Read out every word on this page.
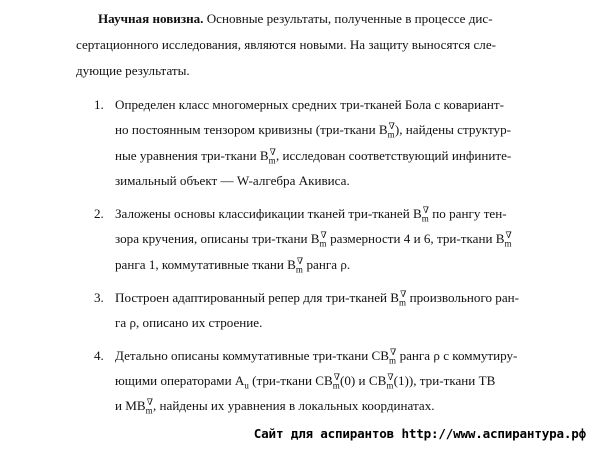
Научная новизна. Основные результаты, полученные в процессе дис-
сертационного исследования, являются новыми. На защиту выносятся сле-
дующие результаты.
1. Определен класс многомерных средних три-тканей Бола с ковариант-
но постоянным тензором кривизны (три-ткани $B_m^\nabla$), найдены структур-
ные уравнения три-ткани $B_m^\nabla$, исследован соответствующий инфините-
зимальный объект — W-алгебра Акивиса.
2. Заложены основы классификации тканей три-тканей $B_m^\nabla$ по рангу тен-
зора кручения, описаны три-ткани $B_m^\nabla$ размерности 4 и 6, три-ткани $B_m^\nabla$
ранга 1, коммутативные ткани $B_m^\nabla$ ранга ρ.
3. Построен адаптированный репер для три-тканей $B_m^\nabla$ произвольного ран-
га ρ, описано их строение.
4. Детально описаны коммутативные три-ткани $CB_m^\nabla$ ранга ρ с коммутиру-
ющими операторами $A_u$ (три-ткани $CB_m^\nabla(0)$ и $CB_m^\nabla(1)$), три-ткани TB
и $MB_m^\nabla$, найдены их уравнения в локальных координатах.
Сайт для аспирантов http://www.аспирантура.рф
